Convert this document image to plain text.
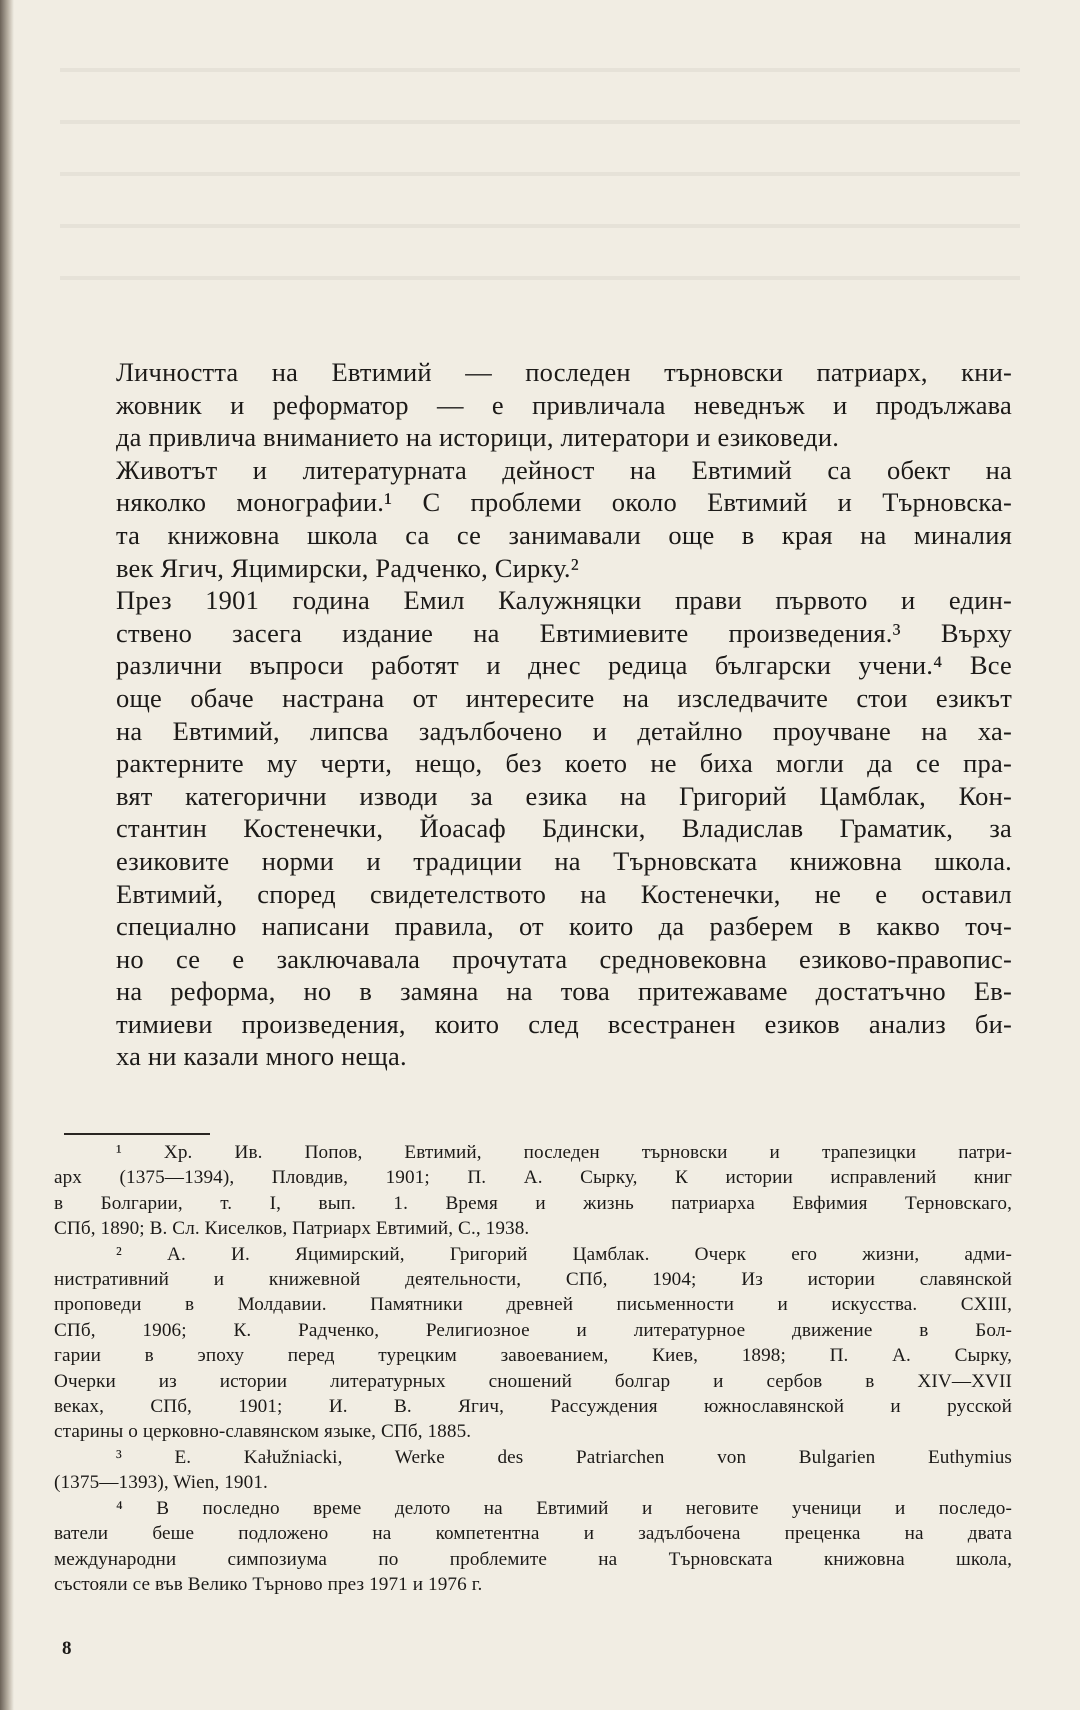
Личността на Евтимий — последен търновски патриарх, кни-
жовник и реформатор — е привличала неведнъж и продължава
да привлича вниманието на историци, литератори и езиковеди.

Животът и литературната дейност на Евтимий са обект на
няколко монографии.¹ С проблеми около Евтимий и Търновска-
та книжовна школа са се занимавали още в края на миналия
век Ягич, Яцимирски, Радченко, Сирку.²

През 1901 година Емил Калужняцки прави първото и един-
ствено засега издание на Евтимиевите произведения.³ Върху
различни въпроси работят и днес редица български учени.⁴ Все
още обаче настрана от интересите на изследвачите стои езикът
на Евтимий, липсва задълбочено и детайлно проучване на ха-
рактерните му черти, нещо, без което не биха могли да се пра-
вят категорични изводи за езика на Григорий Цамблак, Кон-
стантин Костенечки, Йоасаф Бдински, Владислав Граматик, за
езиковите норми и традиции на Търновската книжовна школа.
Евтимий, според свидетелството на Костенечки, не е оставил
специално написани правила, от които да разберем в какво точ-
но се е заключавала прочутата средновековна езиково-правопис-
на реформа, но в замяна на това притежаваме достатъчно Ев-
тимиеви произведения, които след всестранен езиков анализ би-
ха ни казали много неща.

¹ Хр. Ив. Попов, Евтимий, последен търновски и трапезицки патри-
арх (1375—1394), Пловдив, 1901; П. А. Сырку, К истории исправлений книг
в Болгарии, т. I, вып. 1. Время и жизнь патриарха Евфимия Терновскаго,
СПб, 1890; В. Сл. Киселков, Патриарх Евтимий, С., 1938.
² А. И. Яцимирский, Григорий Цамблак. Очерк его жизни, адми-
нистративний и книжевной деятельности, СПб, 1904; Из истории славянской
проповеди в Молдавии. Памятники древней письменности и искусства. CXIII,
СПб, 1906; К. Радченко, Религиозное и литературное движение в Бол-
гарии в эпоху перед турецким завоеванием, Киев, 1898; П. А. Сырку,
Очерки из истории литературных сношений болгар и сербов в XIV—XVII
веках, СПб, 1901; И. В. Ягич, Рассуждения южнославянской и русской
старины о церковно-славянском языке, СПб, 1885.
³ E. Kałužniacki, Werke des Patriarchen von Bulgarien Euthymius
(1375—1393), Wien, 1901.
⁴ В последно време делото на Евтимий и неговите ученици и последо-
ватели беше подложено на компетентна и задълбочена преценка на двата
международни симпозиума по проблемите на Търновската книжовна школа,
състояли се във Велико Търново през 1971 и 1976 г.
8
